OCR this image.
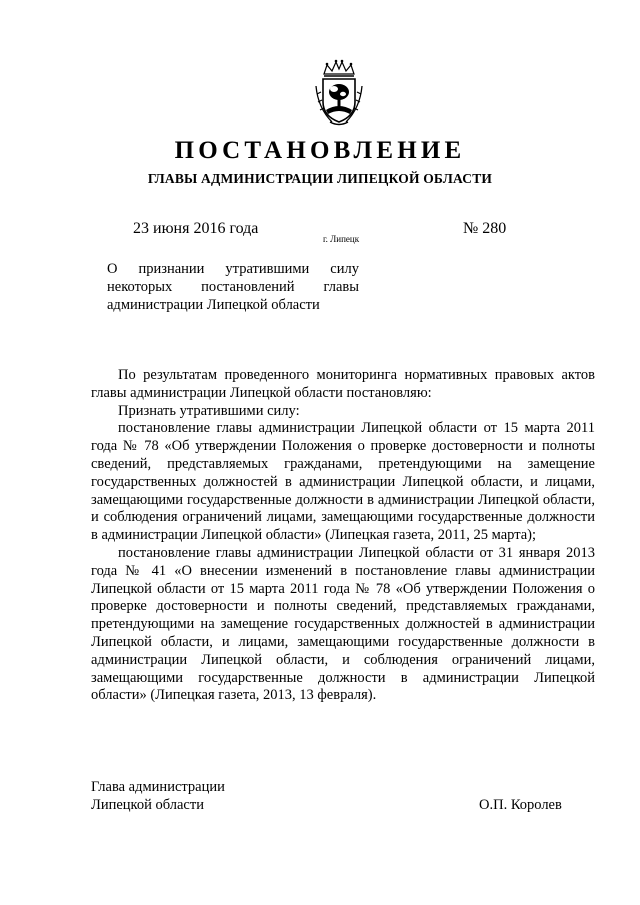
ПОСТАНОВЛЕНИЕ
ГЛАВЫ АДМИНИСТРАЦИИ ЛИПЕЦКОЙ ОБЛАСТИ
23 июня 2016 года
г. Липецк
№ 280
О признании утратившими силу некоторых постановлений главы администрации Липецкой области

По результатам проведенного мониторинга нормативных правовых актов главы администрации Липецкой области постановляю:

Признать утратившими силу:

постановление главы администрации Липецкой области от 15 марта 2011 года № 78 «Об утверждении Положения о проверке достоверности и полноты сведений, представляемых гражданами, претендующими на замещение государственных должностей в администрации Липецкой области, и лицами, замещающими государственные должности в администрации Липецкой области, и соблюдения ограничений лицами, замещающими государственные должности в администрации Липецкой области» (Липецкая газета, 2011, 25 марта);

постановление главы администрации Липецкой области от 31 января 2013 года № 41 «О внесении изменений в постановление главы администрации Липецкой области от 15 марта 2011 года № 78 «Об утверждении Положения о проверке достоверности и полноты сведений, представляемых гражданами, претендующими на замещение государственных должностей в администрации Липецкой области, и лицами, замещающими государственные должности в администрации Липецкой области, и соблюдения ограничений лицами, замещающими государственные должности в администрации Липецкой области» (Липецкая газета, 2013, 13 февраля).

Глава администрации
Липецкой области	О.П. Королев
